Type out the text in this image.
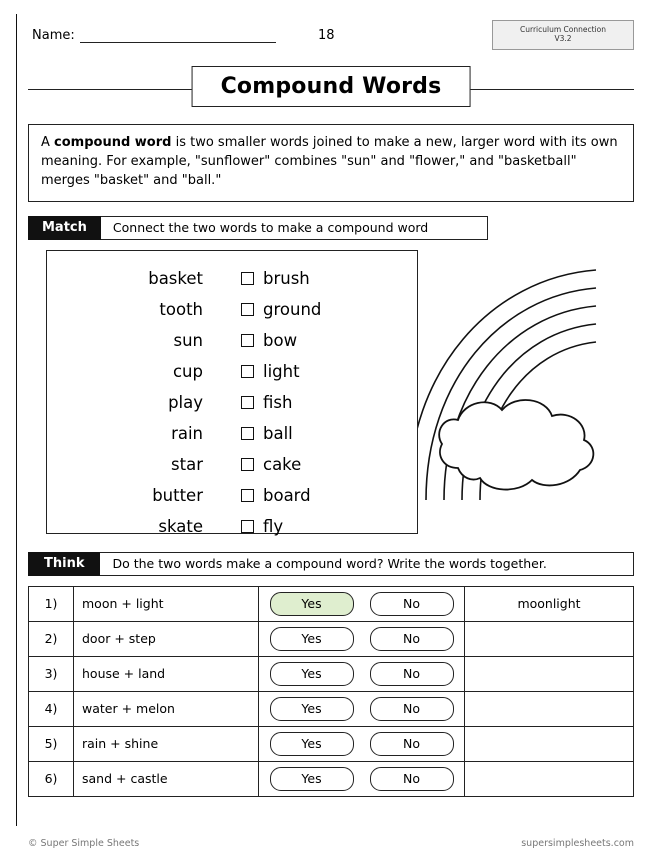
Name:	18	Curriculum Connection
V3.2
Compound Words
A compound word is two smaller words joined to make a new, larger word with its own meaning. For example, "sunflower" combines "sun" and "flower," and "basketball" merges "basket" and "ball."
Match	Connect the two words to make a compound word
basket
tooth
sun
cup
play
rain
star
butter
skate
brush
ground
bow
light
fish
ball
cake
board
fly
Think	Do the two words make a compound word? Write the words together.
1)	moon + light	Yes No	moonlight
2)	door + step	Yes No	

3)	house + land	Yes No	

4)	water + melon	Yes No	

5)	rain + shine	Yes No	

6)	sand + castle	Yes No	

© Super Simple Sheets	supersimplesheets.com
